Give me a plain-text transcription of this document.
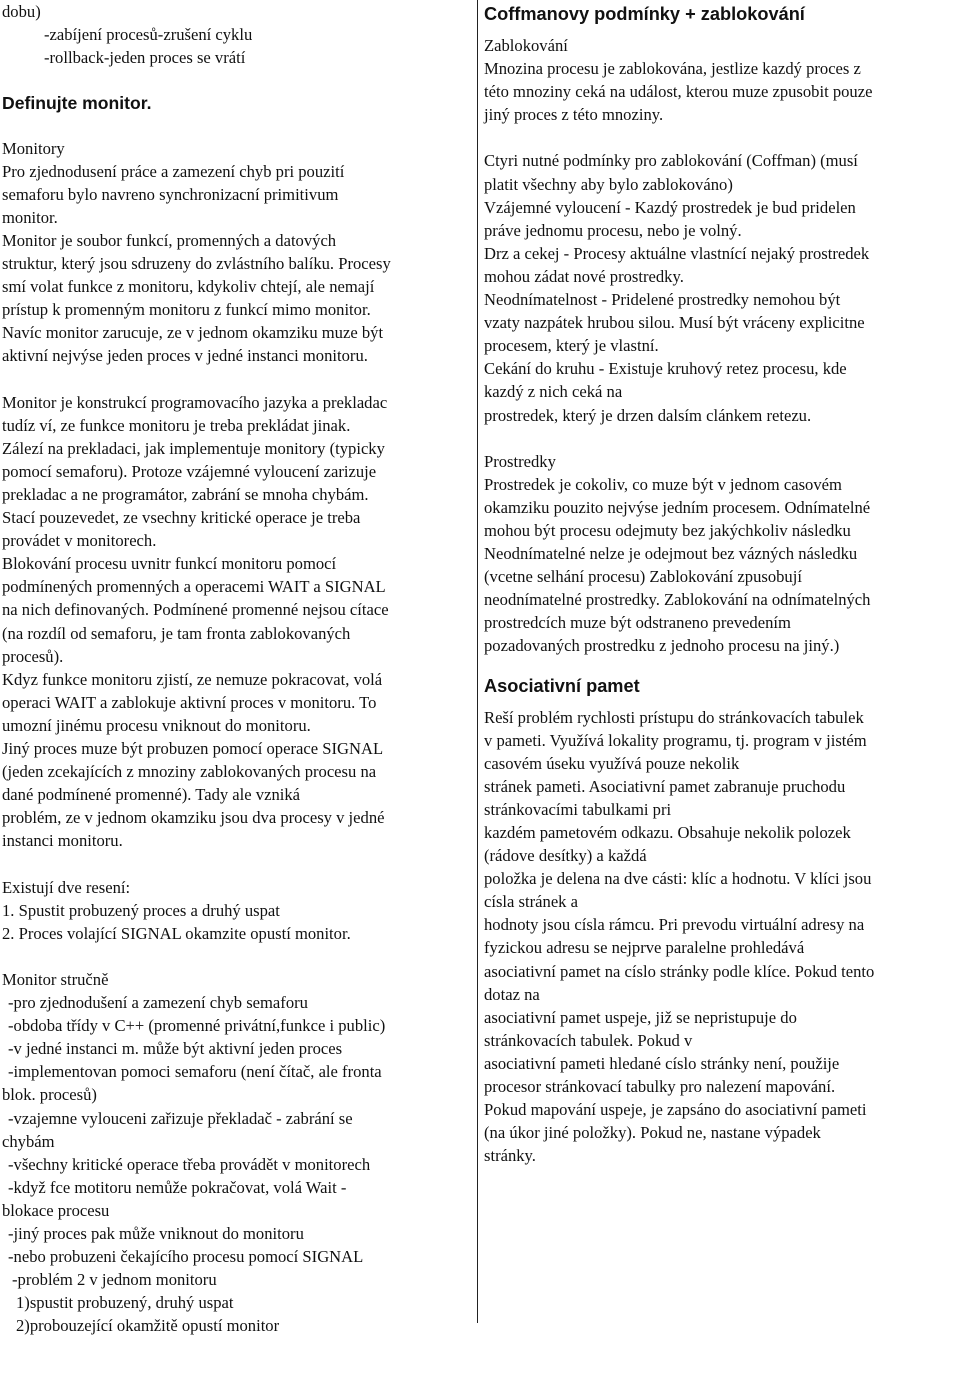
dobu)
-zabíjení procesů-zrušení cyklu
-rollback-jeden proces se vrátí
Definujte monitor.
Monitory
Pro zjednodusení práce a zamezení chyb pri pouzití
semaforu bylo navreno synchronizacní primitivum
monitor.
Monitor je soubor funkcí, promenných a datových
struktur, který jsou sdruzeny do zvlástního balíku. Procesy
smí volat funkce z monitoru, kdykoliv chtejí, ale nemají
prístup k promenným monitoru z funkcí mimo monitor.
Navíc monitor zarucuje, ze v jednom okamziku muze být
aktivní nejvýse jeden proces v jedné instanci monitoru.
Monitor je konstrukcí programovacího jazyka a prekladac
tudíz ví, ze funkce monitoru je treba prekládat jinak.
Zálezí na prekladaci, jak implementuje monitory (typicky
pomocí semaforu). Protoze vzájemné vyloucení zarizuje
prekladac a ne programátor, zabrání se mnoha chybám.
Stací pouzevedet, ze vsechny kritické operace je treba
provádet v monitorech.
Blokování procesu uvnitr funkcí monitoru pomocí
podmínených promenných a operacemi WAIT a SIGNAL
na nich definovaných. Podmínené promenné nejsou cítace
(na rozdíl od semaforu, je tam fronta zablokovaných
procesů).
Kdyz funkce monitoru zjistí, ze nemuze pokracovat, volá
operaci WAIT a zablokuje aktivní proces v monitoru. To
umozní jinému procesu vniknout do monitoru.
Jiný proces muze být probuzen pomocí operace SIGNAL
(jeden zcekajících z mnoziny zablokovaných procesu na
dané podmínené promenné). Tady ale vzniká
problém, ze v jednom okamziku jsou dva procesy v jedné
instanci monitoru.
Existují dve resení:
1. Spustit probuzený proces a druhý uspat
2. Proces volající SIGNAL okamzite opustí monitor.
Monitor stručně
-pro zjednodušení a zamezení chyb semaforu
-obdoba třídy v C++ (promenné privátní,funkce i public)
-v jedné instanci m. může být aktivní jeden proces
-implementovan pomoci semaforu (není čítač, ale fronta
blok. procesů)
-vzajemne vylouceni zařizuje překladač - zabrání se
chybám
-všechny kritické operace třeba provádět v monitorech
-když fce motitoru nemůže pokračovat, volá Wait -
blokace procesu
-jiný proces pak může vniknout do monitoru
-nebo probuzeni čekajícího procesu pomocí SIGNAL
-problém 2 v jednom monitoru
1)spustit probuzený, druhý uspat
2)probouzející okamžitě opustí monitor
Coffmanovy podmínky + zablokování
Zablokování
Mnozina procesu je zablokována, jestlize kazdý proces z
této mnoziny ceká na událost, kterou muze zpusobit pouze
jiný proces z této mnoziny.
Ctyri nutné podmínky pro zablokování (Coffman) (musí
platit všechny aby bylo zablokováno)
Vzájemné vyloucení - Kazdý prostredek je bud pridelen
práve jednomu procesu, nebo je volný.
Drz a cekej - Procesy aktuálne vlastnící nejaký prostredek
mohou zádat nové prostredky.
Neodnímatelnost - Pridelené prostredky nemohou být
vzaty nazpátek hrubou silou. Musí být vráceny explicitne
procesem, který je vlastní.
Cekání do kruhu - Existuje kruhový retez procesu, kde
kazdý z nich ceká na
prostredek, který je drzen dalsím clánkem retezu.
Prostredky
Prostredek je cokoliv, co muze být v jednom casovém
okamziku pouzito nejvýse jedním procesem. Odnímatelné
mohou být procesu odejmuty bez jakýchkoliv následku
Neodnímatelné nelze je odejmout bez vázných následku
(vcetne selhání procesu) Zablokování zpusobují
neodnímatelné prostredky. Zablokování na odnímatelných
prostredcích muze být odstraneno prevedením
pozadovaných prostredku z jednoho procesu na jiný.)
Asociativní pamet
Reší problém rychlosti prístupu do stránkovacích tabulek
v pameti. Využívá lokality programu, tj. program v jistém
casovém úseku využívá pouze nekolik
stránek pameti. Asociativní pamet zabranuje pruchodu
stránkovacími tabulkami pri
kazdém pametovém odkazu. Obsahuje nekolik polozek
(rádove desítky) a každá
položka je delena na dve cásti: klíc a hodnotu. V klíci jsou
císla stránek a
hodnoty jsou císla rámcu. Pri prevodu virtuální adresy na
fyzickou adresu se nejprve paralelne prohledává
asociativní pamet na císlo stránky podle klíce. Pokud tento
dotaz na
asociativní pamet uspeje, již se nepristupuje do
stránkovacích tabulek. Pokud v
asociativní pameti hledané císlo stránky není, použije
procesor stránkovací tabulky pro nalezení mapování.
Pokud mapování uspeje, je zapsáno do asociativní pameti
(na úkor jiné položky). Pokud ne, nastane výpadek
stránky.
